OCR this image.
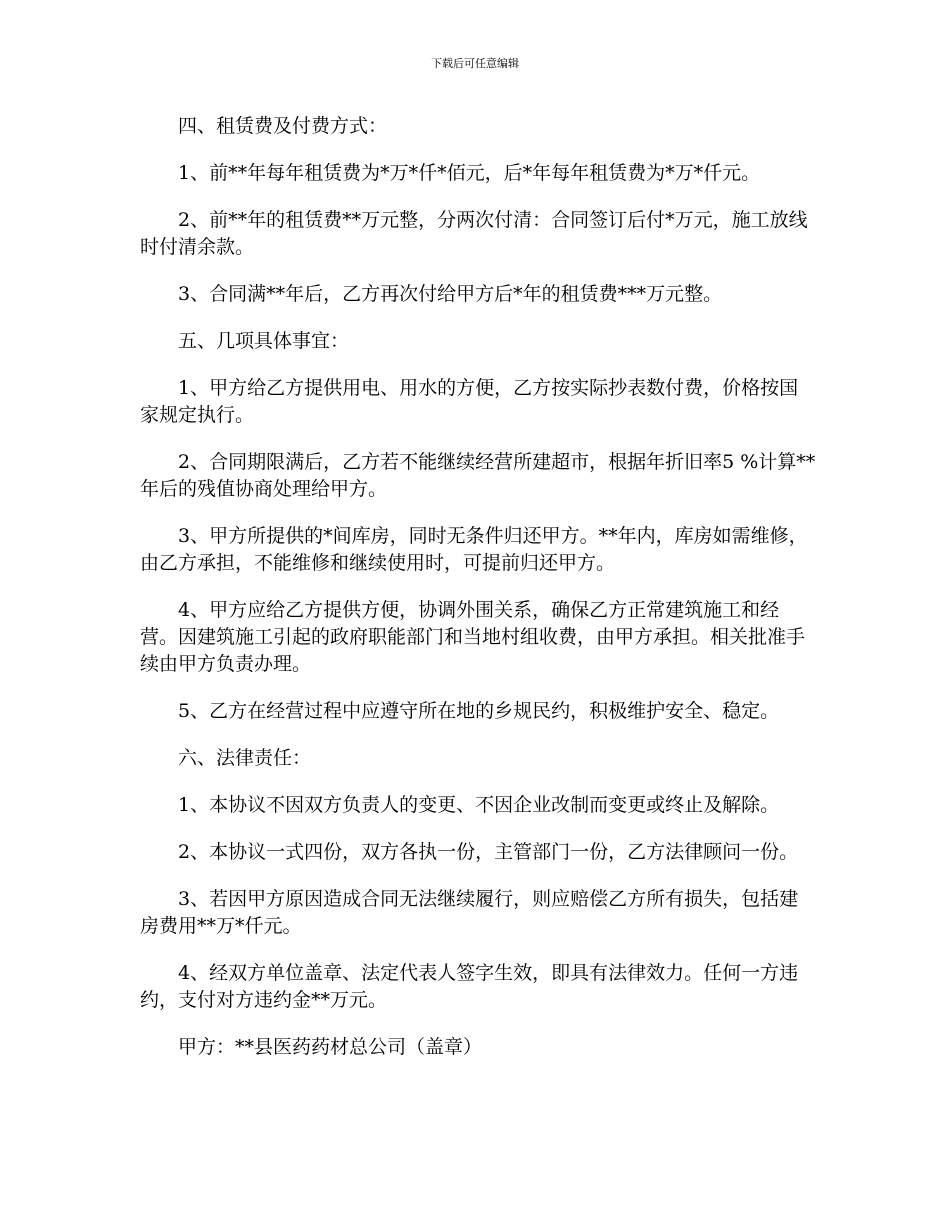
下载后可任意编辑

四、租赁费及付费方式：

1、前**年每年租赁费为*万*仟*佰元，后*年每年租赁费为*万*仟元。

2、前**年的租赁费**万元整，分两次付清：合同签订后付*万元，施工放线时付清余款。

3、合同满**年后，乙方再次付给甲方后*年的租赁费***万元整。

五、几项具体事宜：

1、甲方给乙方提供用电、用水的方便，乙方按实际抄表数付费，价格按国家规定执行。

2、合同期限满后，乙方若不能继续经营所建超市，根据年折旧率5 %计算**年后的残值协商处理给甲方。

3、甲方所提供的*间库房，同时无条件归还甲方。**年内，库房如需维修，由乙方承担，不能维修和继续使用时，可提前归还甲方。

4、甲方应给乙方提供方便，协调外围关系，确保乙方正常建筑施工和经营。因建筑施工引起的政府职能部门和当地村组收费，由甲方承担。相关批准手续由甲方负责办理。

5、乙方在经营过程中应遵守所在地的乡规民约，积极维护安全、稳定。

六、法律责任：

1、本协议不因双方负责人的变更、不因企业改制而变更或终止及解除。

2、本协议一式四份，双方各执一份，主管部门一份，乙方法律顾问一份。

3、若因甲方原因造成合同无法继续履行，则应赔偿乙方所有损失，包括建房费用**万*仟元。

4、经双方单位盖章、法定代表人签字生效，即具有法律效力。任何一方违约，支付对方违约金**万元。

甲方：**县医药药材总公司（盖章）
